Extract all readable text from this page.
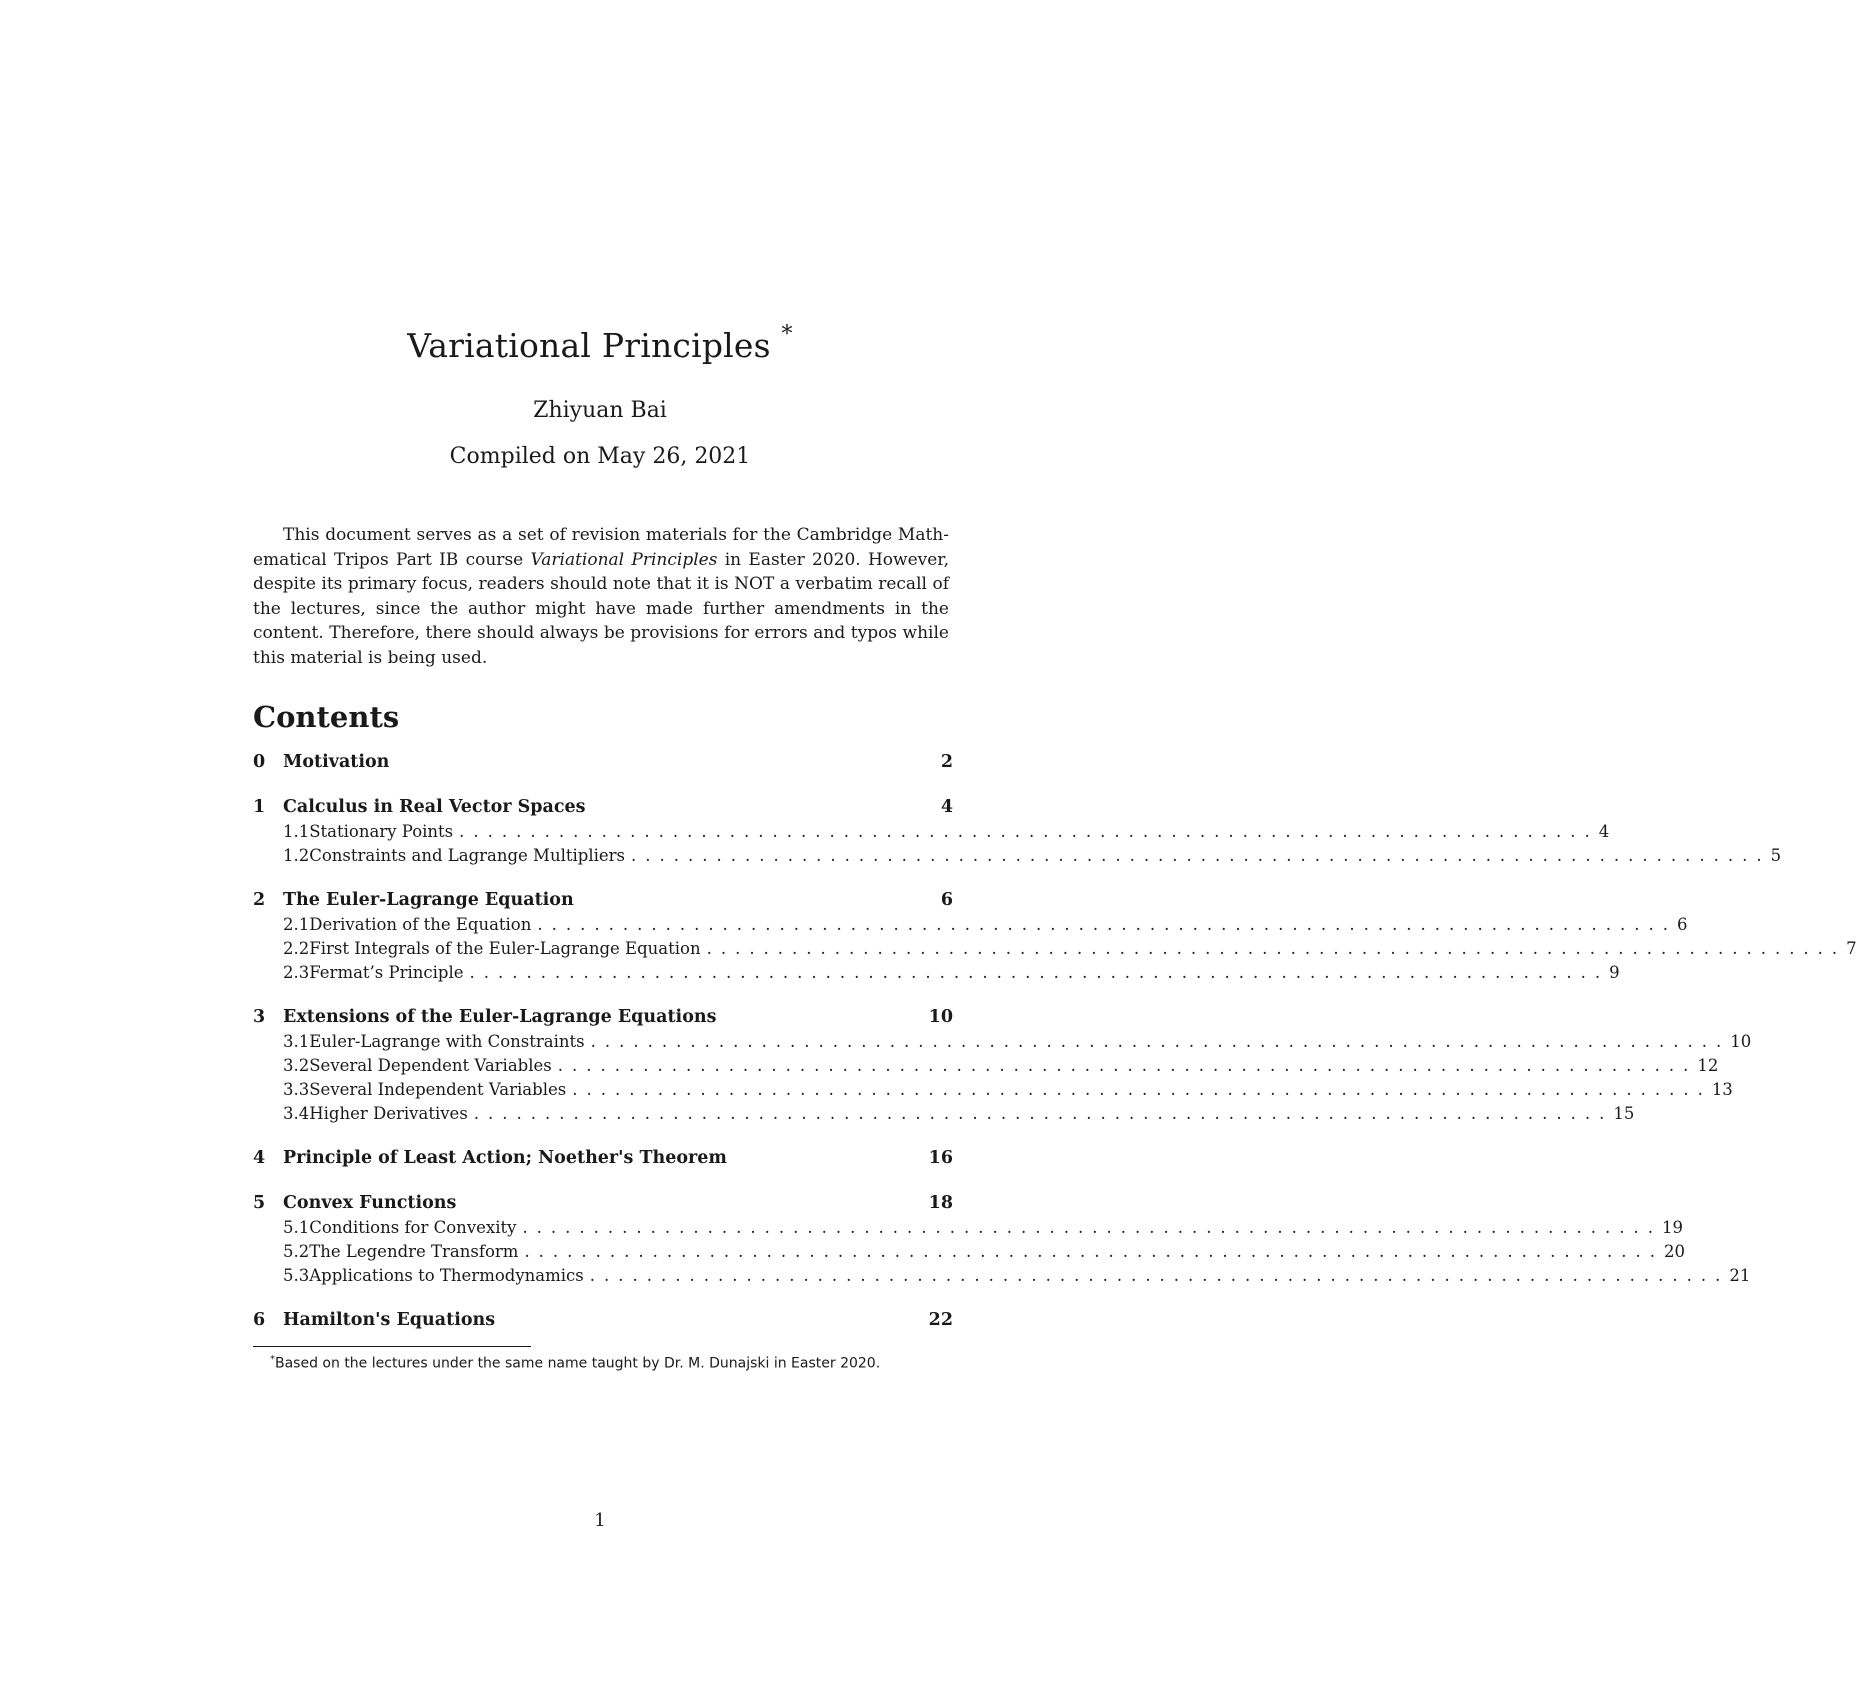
Variational Principles *
Zhiyuan Bai
Compiled on May 26, 2021
This document serves as a set of revision materials for the Cambridge Math-ematical Tripos Part IB course Variational Principles in Easter 2020. However, despite its primary focus, readers should note that it is NOT a verbatim recall of the lectures, since the author might have made further amendments in the content. Therefore, there should always be provisions for errors and typos while this material is being used.
Contents
0	Motivation	2
1	Calculus in Real Vector Spaces	4
1.1 Stationary Points ................................................................................ 4
1.2 Constraints and Lagrange Multipliers ................................................................................ 5
2	The Euler-Lagrange Equation	6
2.1 Derivation of the Equation ................................................................................ 6
2.2 First Integrals of the Euler-Lagrange Equation ................................................................................ 7
2.3 Fermat’s Principle ................................................................................ 9
3	Extensions of the Euler-Lagrange Equations	10
3.1 Euler-Lagrange with Constraints ................................................................................ 10
3.2 Several Dependent Variables ................................................................................ 12
3.3 Several Independent Variables ................................................................................ 13
3.4 Higher Derivatives ................................................................................ 15
4	Principle of Least Action; Noether's Theorem	16
5	Convex Functions	18
5.1 Conditions for Convexity ................................................................................ 19
5.2 The Legendre Transform ................................................................................ 20
5.3 Applications to Thermodynamics ................................................................................ 21
6	Hamilton's Equations	22
*Based on the lectures under the same name taught by Dr. M. Dunajski in Easter 2020.
1
